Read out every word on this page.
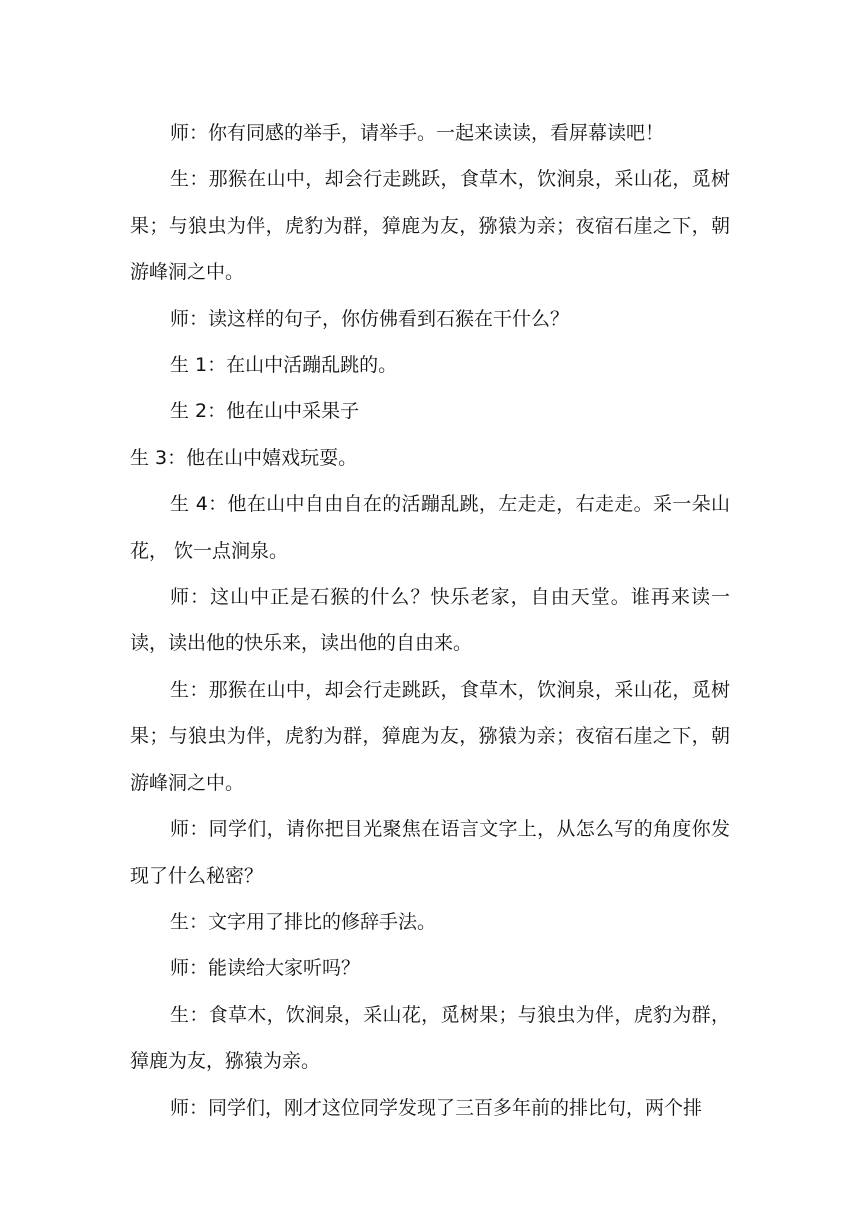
师：你有同感的举手，请举手。一起来读读，看屏幕读吧！

生：那猴在山中，却会行走跳跃，食草木，饮涧泉，采山花，觅树果；与狼虫为伴，虎豹为群，獐鹿为友，猕猿为亲；夜宿石崖之下，朝游峰洞之中。

师：读这样的句子，你仿佛看到石猴在干什么？

生 1：在山中活蹦乱跳的。

生 2：他在山中采果子

生 3：他在山中嬉戏玩耍。

生 4：他在山中自由自在的活蹦乱跳，左走走，右走走。采一朵山花， 饮一点涧泉。

师：这山中正是石猴的什么？快乐老家，自由天堂。谁再来读一读，读出他的快乐来，读出他的自由来。

生：那猴在山中，却会行走跳跃，食草木，饮涧泉，采山花，觅树果；与狼虫为伴，虎豹为群，獐鹿为友，猕猿为亲；夜宿石崖之下，朝游峰洞之中。

师：同学们，请你把目光聚焦在语言文字上，从怎么写的角度你发现了什么秘密？

生：文字用了排比的修辞手法。

师：能读给大家听吗？

生：食草木，饮涧泉，采山花，觅树果；与狼虫为伴，虎豹为群，獐鹿为友，猕猿为亲。

师：同学们，刚才这位同学发现了三百多年前的排比句，两个排
